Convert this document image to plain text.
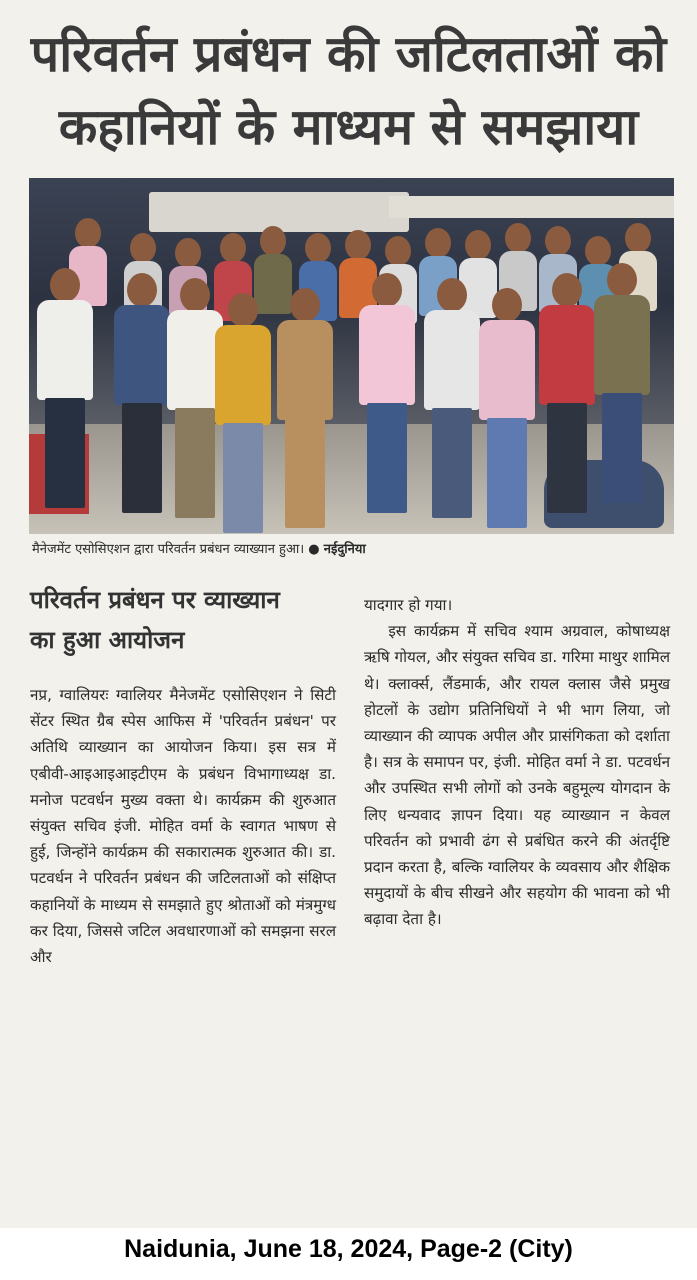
परिवर्तन प्रबंधन की जटिलताओं को
कहानियों के माध्यम से समझाया

मैनेजमेंट एसोसिएशन द्वारा परिवर्तन प्रबंधन व्याख्यान हुआ। ● नईदुनिया

परिवर्तन प्रबंधन पर व्याख्यान
का हुआ आयोजन

नप्र, ग्वालियरः ग्वालियर मैनेजमेंट एसोसिएशन ने सिटी सेंटर स्थित ग्रैब स्पेस आफिस में 'परिवर्तन प्रबंधन' पर अतिथि व्याख्यान का आयोजन किया। इस सत्र में एबीवी-आइआइआइटीएम के प्रबंधन विभागाध्यक्ष डा. मनोज पटवर्धन मुख्य वक्ता थे। कार्यक्रम की शुरुआत संयुक्त सचिव इंजी. मोहित वर्मा के स्वागत भाषण से हुई, जिन्होंने कार्यक्रम की सकारात्मक शुरुआत की। डा. पटवर्धन ने परिवर्तन प्रबंधन की जटिलताओं को संक्षिप्त कहानियों के माध्यम से समझाते हुए श्रोताओं को मंत्रमुग्ध कर दिया, जिससे जटिल अवधारणाओं को समझना सरल और

यादगार हो गया।
इस कार्यक्रम में सचिव श्याम अग्रवाल, कोषाध्यक्ष ऋषि गोयल, और संयुक्त सचिव डा. गरिमा माथुर शामिल थे। क्लार्क्स, लैंडमार्क, और रायल क्लास जैसे प्रमुख होटलों के उद्योग प्रतिनिधियों ने भी भाग लिया, जो व्याख्यान की व्यापक अपील और प्रासंगिकता को दर्शाता है। सत्र के समापन पर, इंजी. मोहित वर्मा ने डा. पटवर्धन और उपस्थित सभी लोगों को उनके बहुमूल्य योगदान के लिए धन्यवाद ज्ञापन दिया। यह व्याख्यान न केवल परिवर्तन को प्रभावी ढंग से प्रबंधित करने की अंतर्दृष्टि प्रदान करता है, बल्कि ग्वालियर के व्यवसाय और शैक्षिक समुदायों के बीच सीखने और सहयोग की भावना को भी बढ़ावा देता है।

Naidunia, June 18, 2024, Page-2 (City)
